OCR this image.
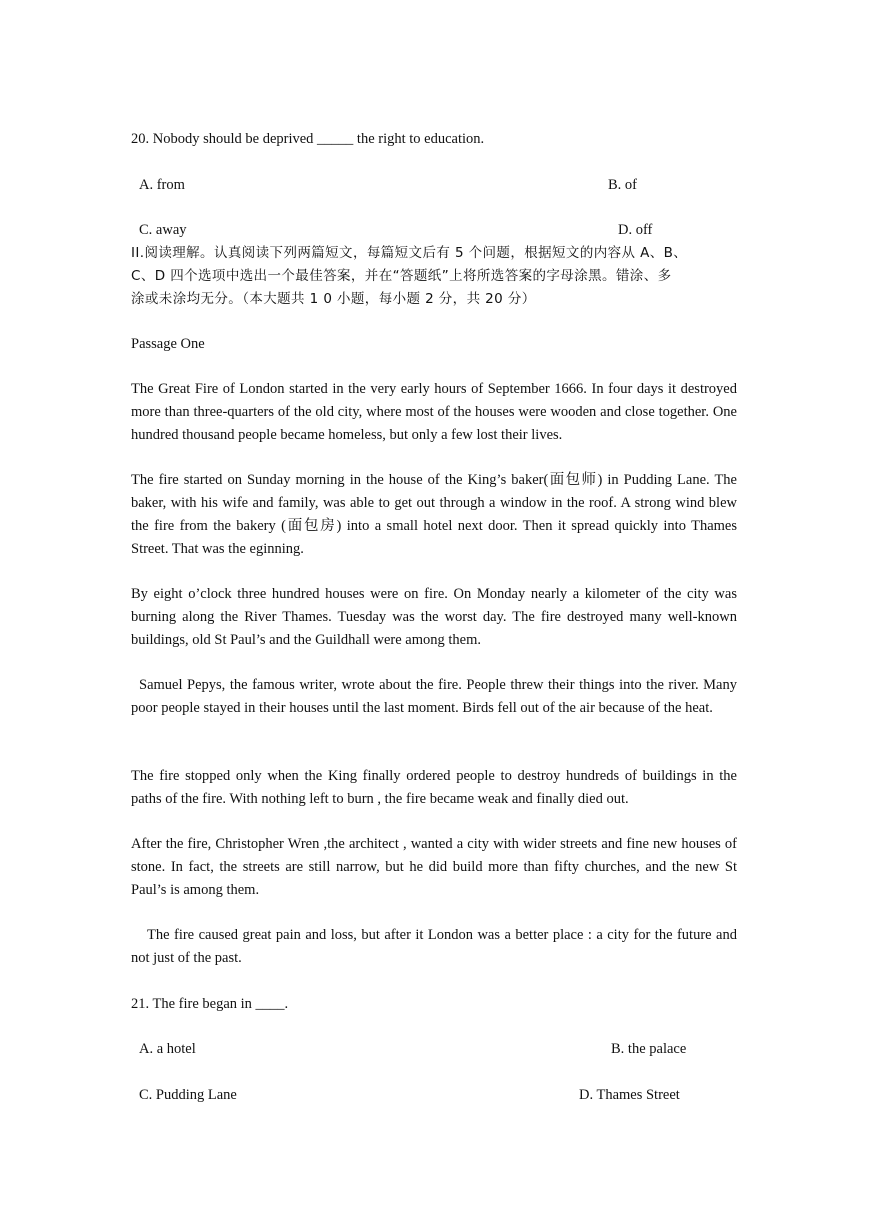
20. Nobody should be deprived _____ the right to education.
A. from	B. of
C. away	D. off
II.阅读理解。认真阅读下列两篇短文，每篇短文后有 5 个问题，根据短文的内容从 A、B、
C、D 四个选项中选出一个最佳答案，并在“答题纸”上将所选答案的字母涂黑。错涂、多
涂或未涂均无分。（本大题共 1 0 小题，每小题 2 分，共 20 分）
Passage One
The Great Fire of London started in the very early hours of September 1666. In four days it destroyed more than three-quarters of the old city, where most of the houses were wooden and close together. One hundred thousand people became homeless, but only a few lost their lives.
The fire started on Sunday morning in the house of the King’s baker(面包师) in Pudding Lane. The baker, with his wife and family, was able to get out through a window in the roof. A strong wind blew the fire from the bakery (面包房) into a small hotel next door. Then it spread quickly into Thames Street. That was the eginning.
By eight o’clock three hundred houses were on fire. On Monday nearly a kilometer of the city was burning along the River Thames. Tuesday was the worst day. The fire destroyed many well-known buildings, old St Paul’s and the Guildhall were among them.
Samuel Pepys, the famous writer, wrote about the fire. People threw their things into the river. Many poor people stayed in their houses until the last moment. Birds fell out of the air because of the heat.
The fire stopped only when the King finally ordered people to destroy hundreds of buildings in the paths of the fire. With nothing left to burn , the fire became weak and finally died out.
After the fire, Christopher Wren ,the architect , wanted a city with wider streets and fine new houses of stone. In fact, the streets are still narrow, but he did build more than fifty churches, and the new St Paul’s is among them.
The fire caused great pain and loss, but after it London was a better place : a city for the future and not just of the past.
21. The fire began in ____.
A. a hotel	B. the palace
C. Pudding Lane	D. Thames Street
